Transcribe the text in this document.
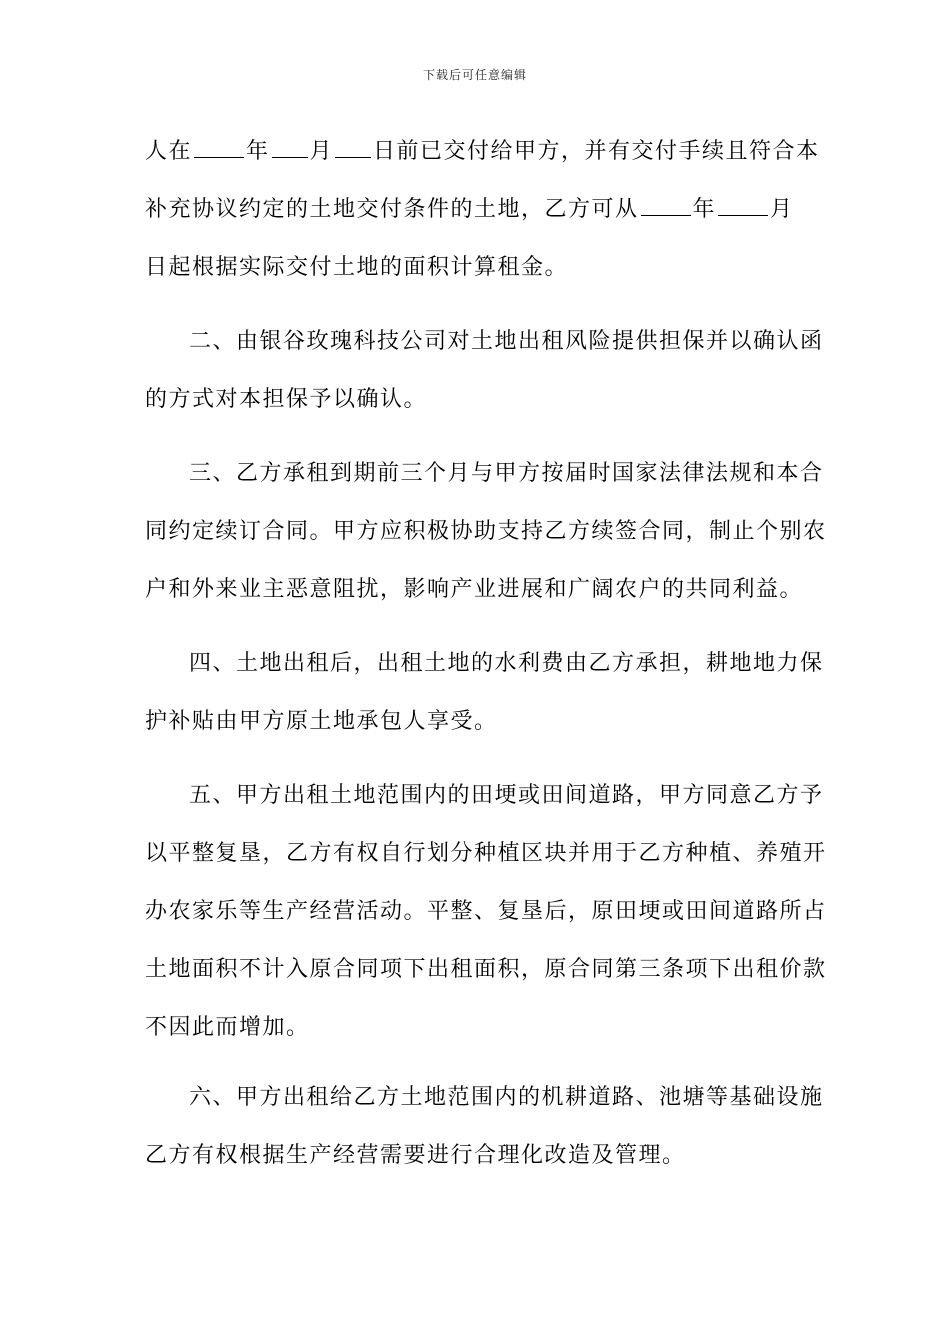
下载后可任意编辑
人在 年 月 日前已交付给甲方，并有交付手续且符合本
补充协议约定的土地交付条件的土地，乙方可从 年 月
日起根据实际交付土地的面积计算租金。
二、由银谷玫瑰科技公司对土地出租风险提供担保并以确认函
的方式对本担保予以确认。
三、乙方承租到期前三个月与甲方按届时国家法律法规和本合
同约定续订合同。甲方应积极协助支持乙方续签合同，制止个别农
户和外来业主恶意阻扰，影响产业进展和广阔农户的共同利益。
四、土地出租后，出租土地的水利费由乙方承担，耕地地力保
护补贴由甲方原土地承包人享受。
五、甲方出租土地范围内的田埂或田间道路，甲方同意乙方予
以平整复垦，乙方有权自行划分种植区块并用于乙方种植、养殖开
办农家乐等生产经营活动。平整、复垦后，原田埂或田间道路所占
土地面积不计入原合同项下出租面积，原合同第三条项下出租价款
不因此而增加。
六、甲方出租给乙方土地范围内的机耕道路、池塘等基础设施
乙方有权根据生产经营需要进行合理化改造及管理。
